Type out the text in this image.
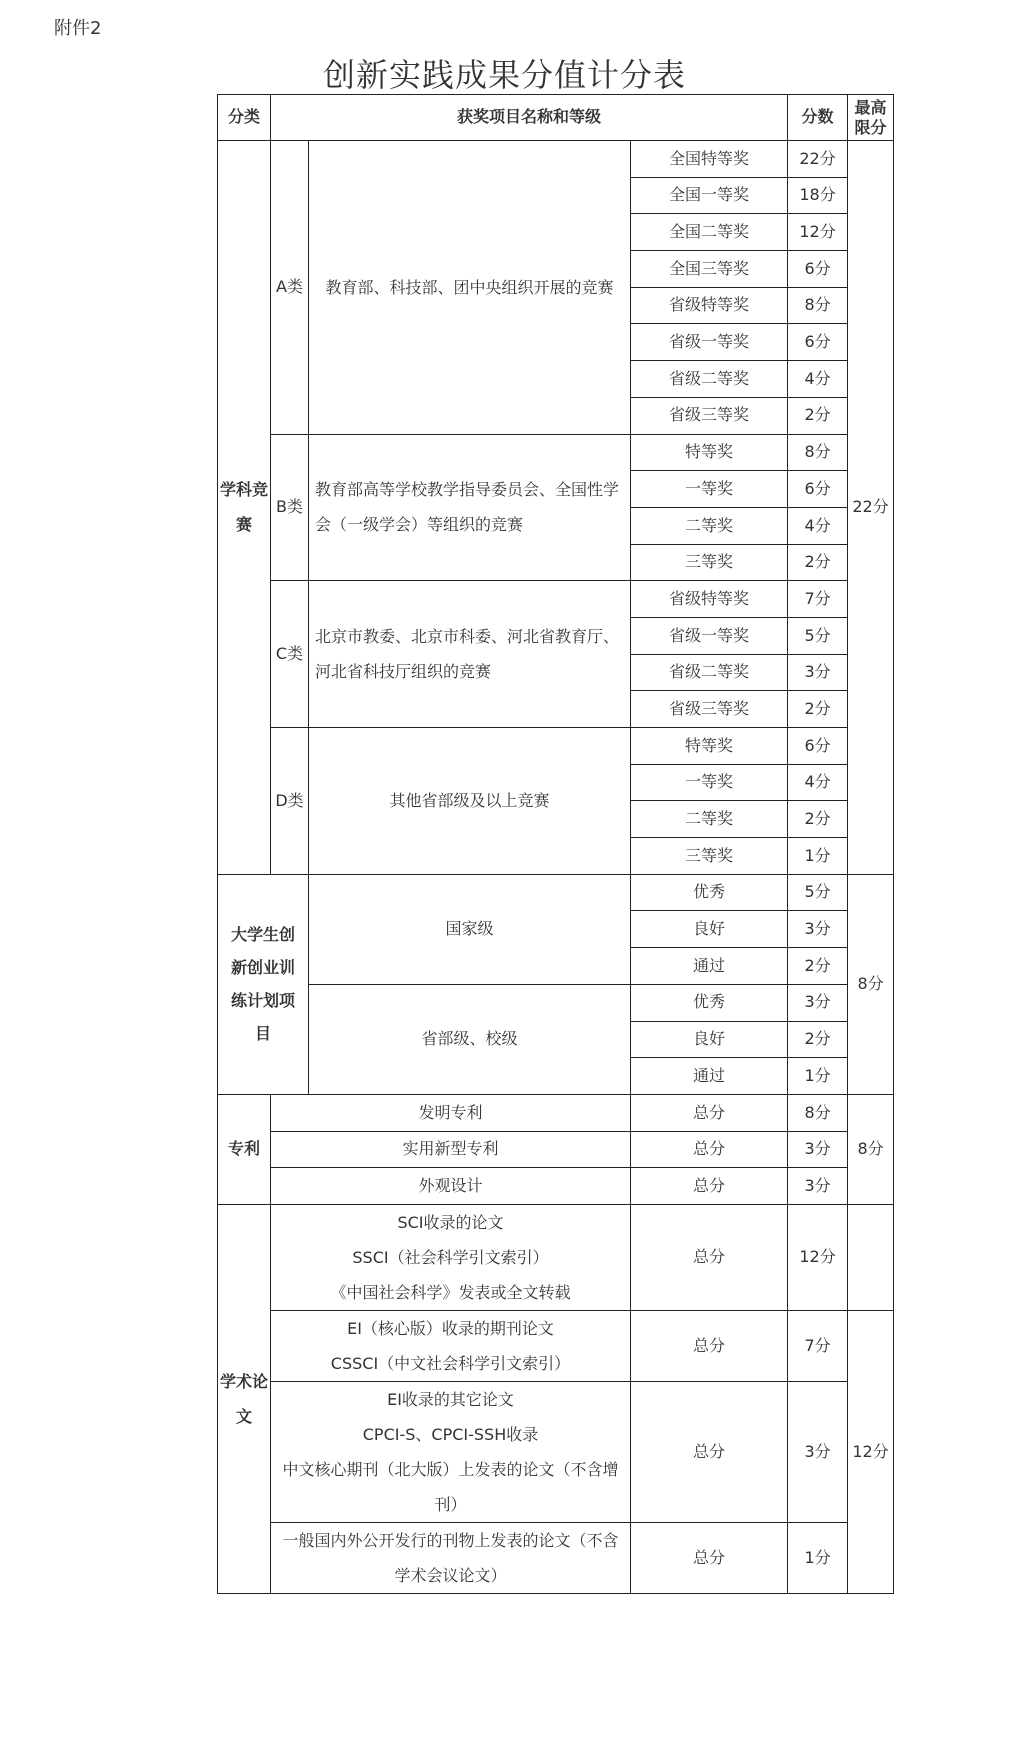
附件2
创新实践成果分值计分表
分类	获奖项目名称和等级			分数	最高限分
学科竞赛	A类	教育部、科技部、团中央组织开展的竞赛	全国特等奖	22分	22分
			全国一等奖	18分	
			全国二等奖	12分	
			全国三等奖	6分	
			省级特等奖	8分	
			省级一等奖	6分	
			省级二等奖	4分	
			省级三等奖	2分	
	B类	教育部高等学校教学指导委员会、全国性学会（一级学会）等组织的竞赛	特等奖	8分	
			一等奖	6分	
			二等奖	4分	
			三等奖	2分	
	C类	北京市教委、北京市科委、河北省教育厅、河北省科技厅组织的竞赛	省级特等奖	7分	
			省级一等奖	5分	
			省级二等奖	3分	
			省级三等奖	2分	
	D类	其他省部级及以上竞赛	特等奖	6分	
			一等奖	4分	
			二等奖	2分	
			三等奖	1分	
大学生创新创业训练计划项目		国家级	优秀	5分	8分
			良好	3分	
			通过	2分	
		省部级、校级	优秀	3分	
			良好	2分	
			通过	1分	
专利	发明专利		总分	8分	8分
	实用新型专利		总分	3分	
	外观设计		总分	3分	
学术论文	SCI收录的论文
SSCI（社会科学引文索引）
《中国社会科学》发表或全文转载		总分	12分	

	EI（核心版）收录的期刊论文
CSSCI（中文社会科学引文索引）		总分	7分	12分

	EI收录的其它论文
CPCI-S、CPCI-SSH收录
中文核心期刊（北大版）上发表的论文（不含增
刊）		总分	3分	

	一般国内外公开发行的刊物上发表的论文（不含
学术会议论文）		总分	1分	
